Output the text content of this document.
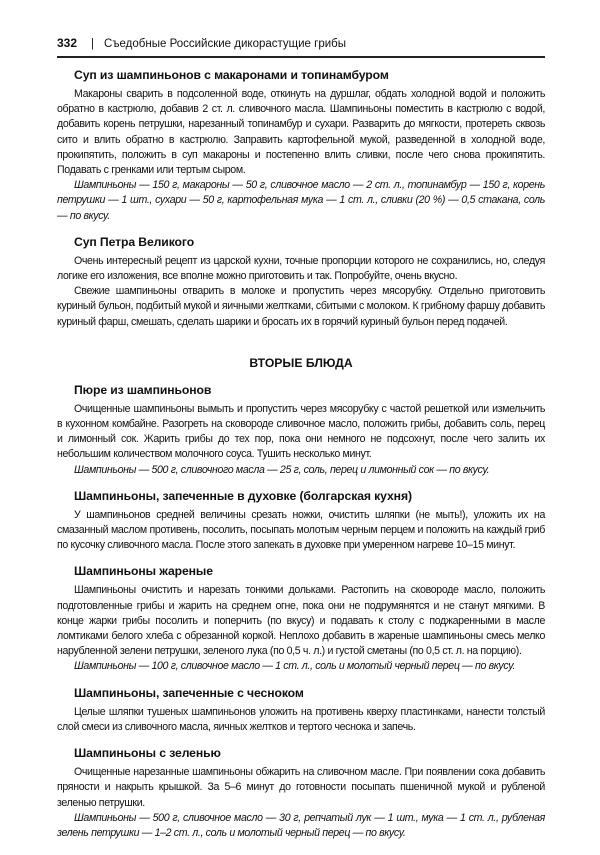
332 | Съедобные Российские дикорастущие грибы
Суп из шампиньонов с макаронами и топинамбуром

Макароны сварить в подсоленной воде, откинуть на дуршлаг, обдать холодной водой и положить обратно в кастрюлю, добавив 2 ст. л. сливочного масла. Шампиньоны поместить в кастрюлю с водой, добавить корень петрушки, нарезанный топинамбур и сухари. Разварить до мягкости, протереть сквозь сито и влить обратно в кастрюлю. Заправить картофельной мукой, разведенной в холодной воде, прокипятить, положить в суп макароны и постепенно влить сливки, после чего снова прокипятить. Подавать с гренками или тертым сыром.

Шампиньоны — 150 г, макароны — 50 г, сливочное масло — 2 ст. л., топинамбур — 150 г, корень петрушки — 1 шт., сухари — 50 г, картофельная мука — 1 ст. л., сливки (20 %) — 0,5 стакана, соль — по вкусу.

Суп Петра Великого

Очень интересный рецепт из царской кухни, точные пропорции которого не сохранились, но, следуя логике его изложения, все вполне можно приготовить и так. Попробуйте, очень вкусно.

Свежие шампиньоны отварить в молоке и пропустить через мясорубку. Отдельно приготовить куриный бульон, подбитый мукой и яичными желтками, сбитыми с молоком. К грибному фаршу добавить куриный фарш, смешать, сделать шарики и бросать их в горячий куриный бульон перед подачей.

ВТОРЫЕ БЛЮДА
Пюре из шампиньонов

Очищенные шампиньоны вымыть и пропустить через мясорубку с частой решеткой или измельчить в кухонном комбайне. Разогреть на сковороде сливочное масло, положить грибы, добавить соль, перец и лимонный сок. Жарить грибы до тех пор, пока они немного не подсохнут, после чего залить их небольшим количеством молочного соуса. Тушить несколько минут.

Шампиньоны — 500 г, сливочного масла — 25 г, соль, перец и лимонный сок — по вкусу.

Шампиньоны, запеченные в духовке (болгарская кухня)

У шампиньонов средней величины срезать ножки, очистить шляпки (не мыть!), уложить их на смазанный маслом противень, посолить, посыпать молотым черным перцем и положить на каждый гриб по кусочку сливочного масла. После этого запекать в духовке при умеренном нагреве 10–15 минут.

Шампиньоны жареные

Шампиньоны очистить и нарезать тонкими дольками. Растопить на сковороде масло, положить подготовленные грибы и жарить на среднем огне, пока они не подрумянятся и не станут мягкими. В конце жарки грибы посолить и поперчить (по вкусу) и подавать к столу с поджаренными в масле ломтиками белого хлеба с обрезанной коркой. Неплохо добавить в жареные шампиньоны смесь мелко нарубленной зелени петрушки, зеленого лука (по 0,5 ч. л.) и густой сметаны (по 0,5 ст. л. на порцию).

Шампиньоны — 100 г, сливочное масло — 1 ст. л., соль и молотый черный перец — по вкусу.

Шампиньоны, запеченные с чесноком

Целые шляпки тушеных шампиньонов уложить на противень кверху пластинками, нанести толстый слой смеси из сливочного масла, яичных желтков и тертого чеснока и запечь.

Шампиньоны с зеленью

Очищенные нарезанные шампиньоны обжарить на сливочном масле. При появлении сока добавить пряности и накрыть крышкой. За 5–6 минут до готовности посыпать пшеничной мукой и рубленой зеленью петрушки.

Шампиньоны — 500 г, сливочное масло — 30 г, репчатый лук — 1 шт., мука — 1 ст. л., рубленая зелень петрушки — 1–2 ст. л., соль и молотый черный перец — по вкусу.
